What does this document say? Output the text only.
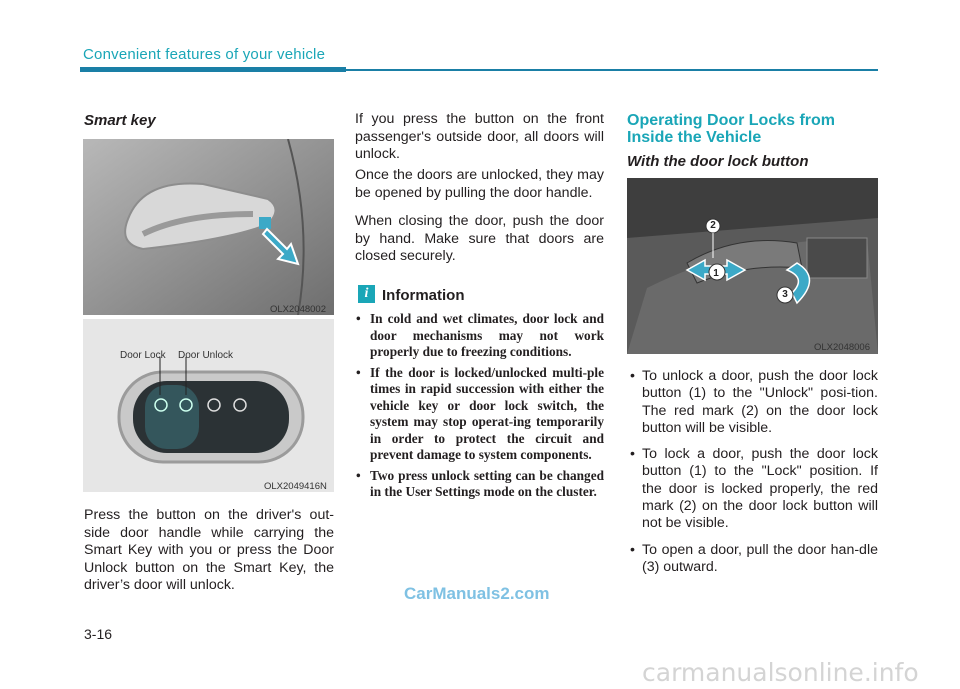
Convenient features of your vehicle
Smart key
OLX2048002
Door Lock Door Unlock
OLX2049416N
Press the button on the driver's out-side door handle while carrying the Smart Key with you or press the Door Unlock button on the Smart Key, the driver’s door will unlock.
If you press the button on the front passenger's outside door, all doors will unlock.
Once the doors are unlocked, they may be opened by pulling the door handle.
When closing the door, push the door by hand. Make sure that doors are closed securely.
i Information
• In cold and wet climates, door lock and door mechanisms may not work properly due to freezing conditions.
• If the door is locked/unlocked multi-ple times in rapid succession with either the vehicle key or door lock switch, the system may stop operat-ing temporarily in order to protect the circuit and prevent damage to system components.
• Two press unlock setting can be changed in the User Settings mode on the cluster.
Operating Door Locks from
Inside the Vehicle
With the door lock button
1
2
3
OLX2048006
• To unlock a door, push the door lock button (1) to the "Unlock" posi-tion. The red mark (2) on the door lock button will be visible.
• To lock a door, push the door lock button (1) to the "Lock" position. If the door is locked properly, the red mark (2) on the door lock button will not be visible.
• To open a door, pull the door han-dle (3) outward.
3-16
CarManuals2.com
carmanualsonline.info
